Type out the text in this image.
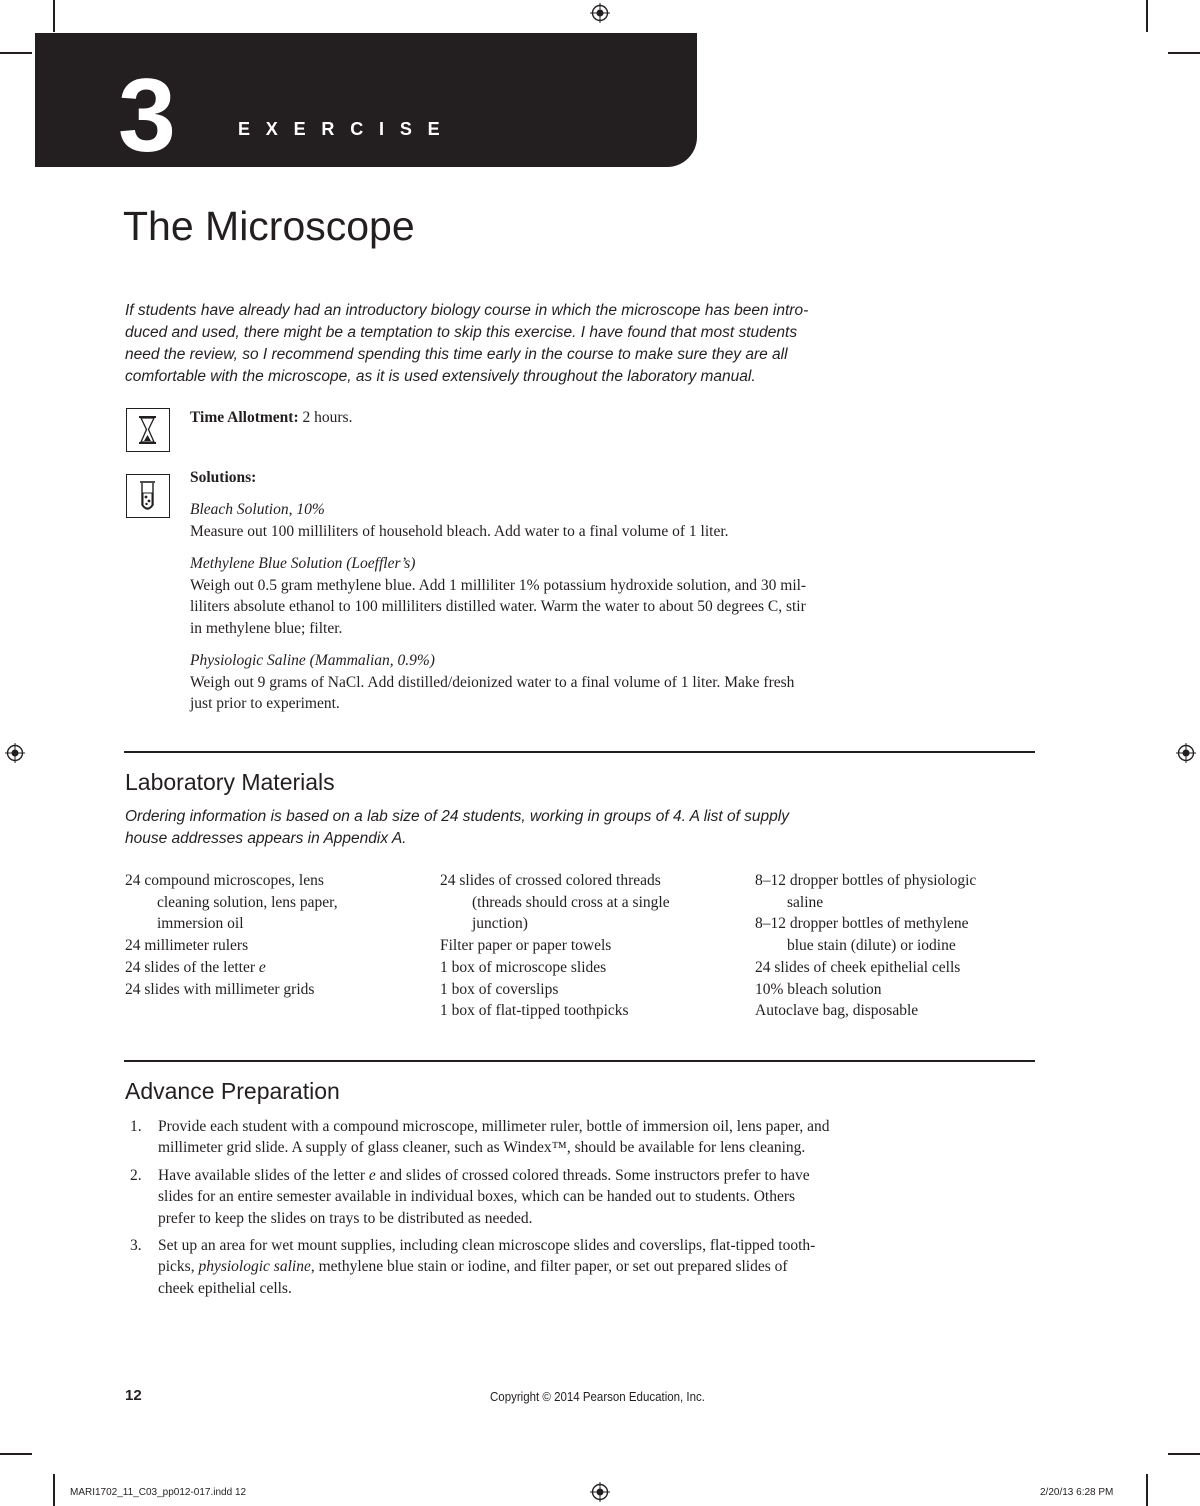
3	EXERCISE
The Microscope
If students have already had an introductory biology course in which the microscope has been intro-
duced and used, there might be a temptation to skip this exercise. I have found that most students
need the review, so I recommend spending this time early in the course to make sure they are all
comfortable with the microscope, as it is used extensively throughout the laboratory manual.
Time Allotment: 2 hours.
Solutions:
Bleach Solution, 10%
Measure out 100 milliliters of household bleach. Add water to a final volume of 1 liter.
Methylene Blue Solution (Loeffler’s)
Weigh out 0.5 gram methylene blue. Add 1 milliliter 1% potassium hydroxide solution, and 30 mil-
liliters absolute ethanol to 100 milliliters distilled water. Warm the water to about 50 degrees C, stir
in methylene blue; filter.
Physiologic Saline (Mammalian, 0.9%)
Weigh out 9 grams of NaCl. Add distilled/deionized water to a final volume of 1 liter. Make fresh
just prior to experiment.
Laboratory Materials
Ordering information is based on a lab size of 24 students, working in groups of 4. A list of supply
house addresses appears in Appendix A.
24 compound microscopes, lens
cleaning solution, lens paper,
immersion oil
24 millimeter rulers
24 slides of the letter e
24 slides with millimeter grids
24 slides of crossed colored threads
(threads should cross at a single
junction)
Filter paper or paper towels
1 box of microscope slides
1 box of coverslips
1 box of flat-tipped toothpicks
8–12 dropper bottles of physiologic
saline
8–12 dropper bottles of methylene
blue stain (dilute) or iodine
24 slides of cheek epithelial cells
10% bleach solution
Autoclave bag, disposable
Advance Preparation
1. Provide each student with a compound microscope, millimeter ruler, bottle of immersion oil, lens paper, and
millimeter grid slide. A supply of glass cleaner, such as Windex™, should be available for lens cleaning.
2. Have available slides of the letter e and slides of crossed colored threads. Some instructors prefer to have
slides for an entire semester available in individual boxes, which can be handed out to students. Others
prefer to keep the slides on trays to be distributed as needed.
3. Set up an area for wet mount supplies, including clean microscope slides and coverslips, flat-tipped tooth-
picks, physiologic saline, methylene blue stain or iodine, and filter paper, or set out prepared slides of
cheek epithelial cells.
12	Copyright © 2014 Pearson Education, Inc.
MARI1702_11_C03_pp012-017.indd 12	2/20/13 6:28 PM
